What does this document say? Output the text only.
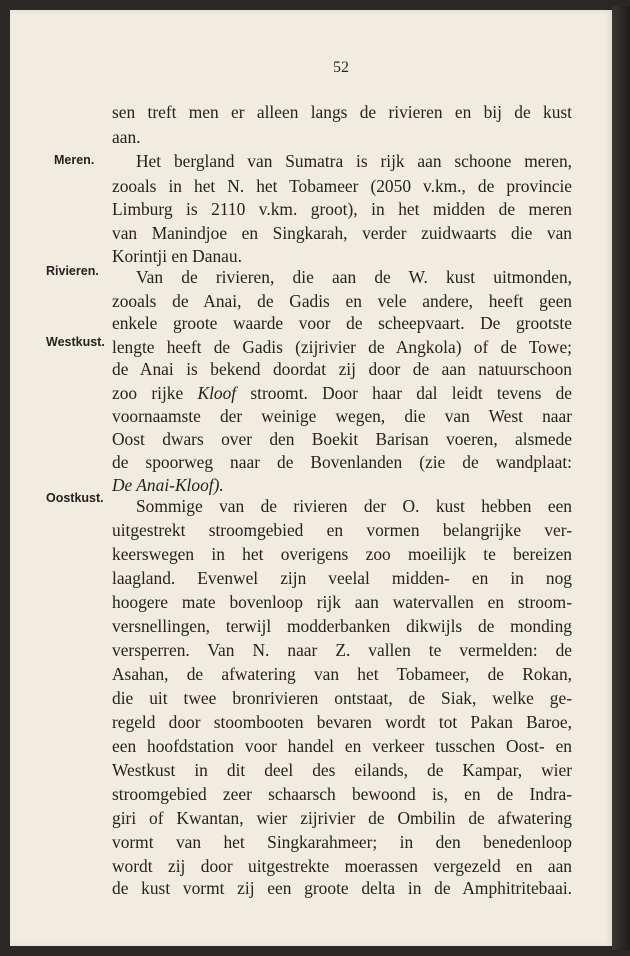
52
Meren.
Rivieren.
Westkust.
Oostkust.
sen treft men er alleen langs de rivieren en bij de kust
aan.
Het bergland van Sumatra is rijk aan schoone meren,
zooals in het N. het Tobameer (2050 v.km., de provincie
Limburg is 2110 v.km. groot), in het midden de meren
van Manindjoe en Singkarah, verder zuidwaarts die van
Korintji en Danau.
Van de rivieren, die aan de W. kust uitmonden,
zooals de Anai, de Gadis en vele andere, heeft geen
enkele groote waarde voor de scheepvaart. De grootste
lengte heeft de Gadis (zijrivier de Angkola) of de Towe;
de Anai is bekend doordat zij door de aan natuurschoon
zoo rijke Kloof stroomt. Door haar dal leidt tevens de
voornaamste der weinige wegen, die van West naar
Oost dwars over den Boekit Barisan voeren, alsmede
de spoorweg naar de Bovenlanden (zie de wandplaat:
De Anai-Kloof).
Sommige van de rivieren der O. kust hebben een
uitgestrekt stroomgebied en vormen belangrijke ver-
keerswegen in het overigens zoo moeilijk te bereizen
laagland. Evenwel zijn veelal midden- en in nog
hoogere mate bovenloop rijk aan watervallen en stroom-
versnellingen, terwijl modderbanken dikwijls de monding
versperren. Van N. naar Z. vallen te vermelden: de
Asahan, de afwatering van het Tobameer, de Rokan,
die uit twee bronrivieren ontstaat, de Siak, welke ge-
regeld door stoombooten bevaren wordt tot Pakan Baroe,
een hoofdstation voor handel en verkeer tusschen Oost- en
Westkust in dit deel des eilands, de Kampar, wier
stroomgebied zeer schaarsch bewoond is, en de Indra-
giri of Kwantan, wier zijrivier de Ombilin de afwatering
vormt van het Singkarahmeer; in den benedenloop
wordt zij door uitgestrekte moerassen vergezeld en aan
de kust vormt zij een groote delta in de Amphitritebaai.
